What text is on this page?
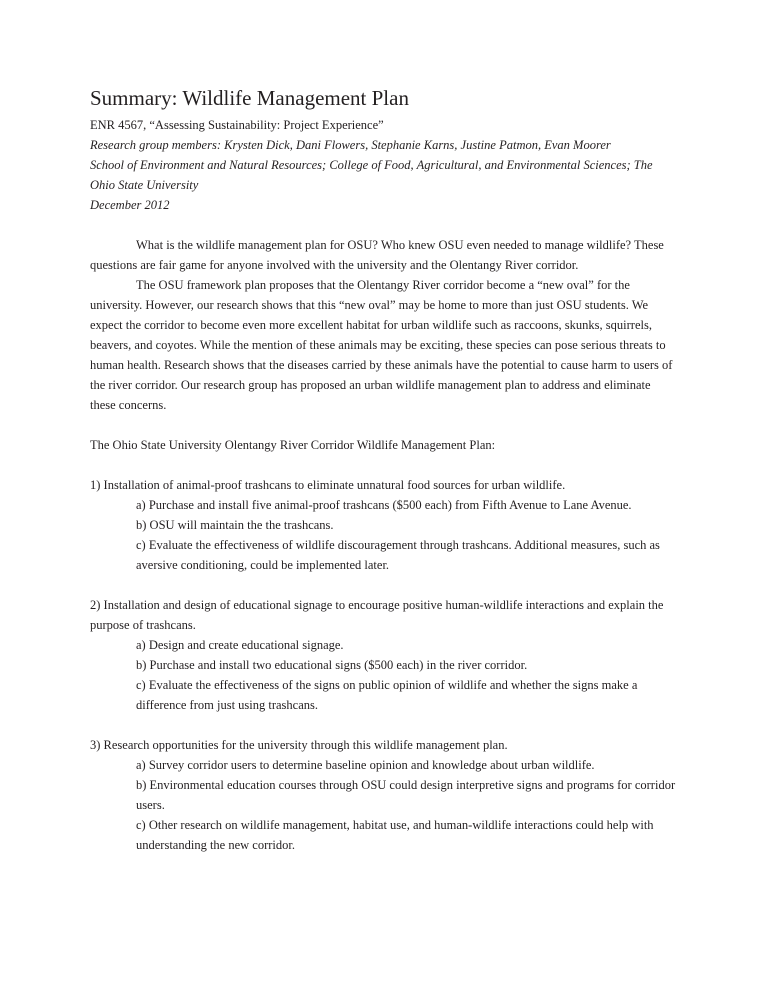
Summary: Wildlife Management Plan

ENR 4567, “Assessing Sustainability: Project Experience”

Research group members: Krysten Dick, Dani Flowers, Stephanie Karns, Justine Patmon, Evan Moorer

School of Environment and Natural Resources; College of Food, Agricultural, and Environmental Sciences; The Ohio State University

December 2012

What is the wildlife management plan for OSU? Who knew OSU even needed to manage wildlife? These questions are fair game for anyone involved with the university and the Olentangy River corridor.

The OSU framework plan proposes that the Olentangy River corridor become a “new oval” for the university. However, our research shows that this “new oval” may be home to more than just OSU students. We expect the corridor to become even more excellent habitat for urban wildlife such as raccoons, skunks, squirrels, beavers, and coyotes. While the mention of these animals may be exciting, these species can pose serious threats to human health. Research shows that the diseases carried by these animals have the potential to cause harm to users of the river corridor. Our research group has proposed an urban wildlife management plan to address and eliminate these concerns.

The Ohio State University Olentangy River Corridor Wildlife Management Plan:

1) Installation of animal-proof trashcans to eliminate unnatural food sources for urban wildlife.

a) Purchase and install five animal-proof trashcans ($500 each) from Fifth Avenue to Lane Avenue.

b) OSU will maintain the the trashcans.

c) Evaluate the effectiveness of wildlife discouragement through trashcans. Additional measures, such as aversive conditioning, could be implemented later.

2) Installation and design of educational signage to encourage positive human-wildlife interactions and explain the purpose of trashcans.

a) Design and create educational signage.

b) Purchase and install two educational signs ($500 each) in the river corridor.

c) Evaluate the effectiveness of the signs on public opinion of wildlife and whether the signs make a difference from just using trashcans.

3) Research opportunities for the university through this wildlife management plan.

a) Survey corridor users to determine baseline opinion and knowledge about urban wildlife.

b) Environmental education courses through OSU could design interpretive signs and programs for corridor users.

c) Other research on wildlife management, habitat use, and human-wildlife interactions could help with understanding the new corridor.
